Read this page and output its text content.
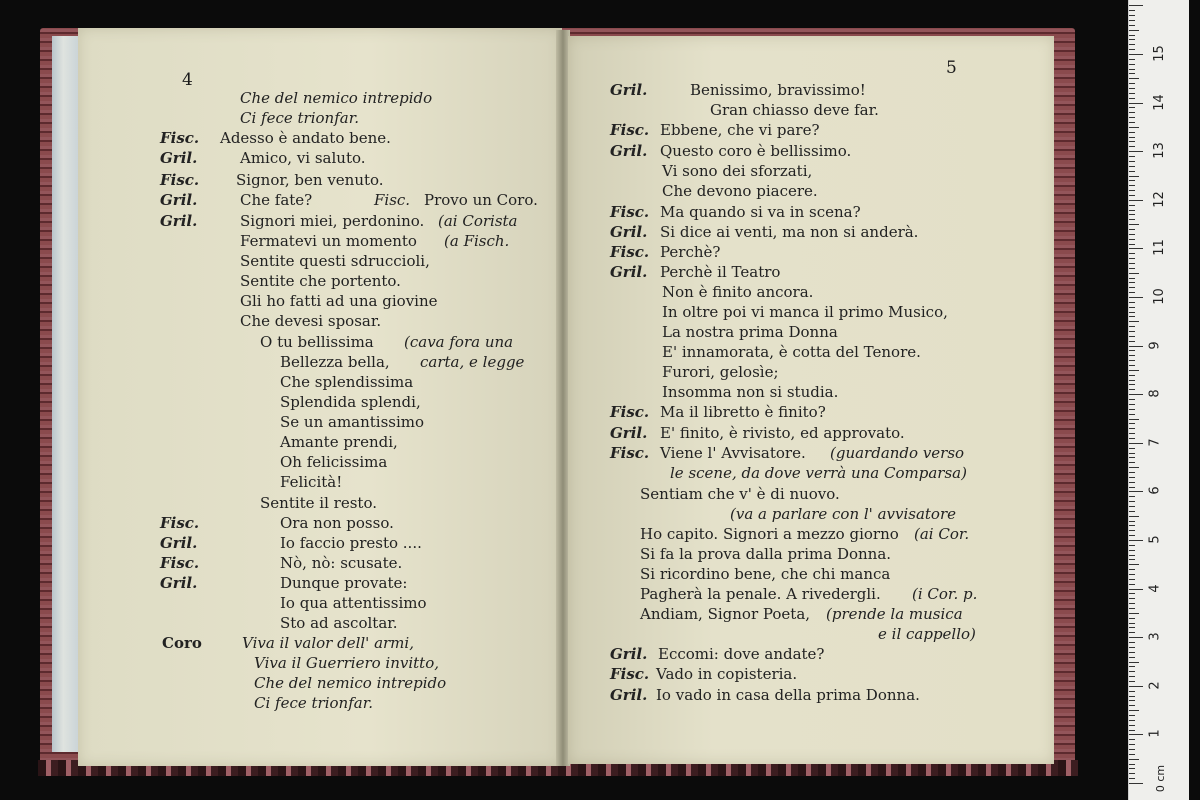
4
Che del nemico intrepido
Ci fece trionfar.
Fisc. Adesso è andato bene.
Gril.	Amico, vi saluto.
Fisc. Signor, ben venuto.
Gril.	Che fate?	Fisc. Provo un Coro.
Gril.	Signori miei, perdonino. (ai Corista
Fermatevi un momento (a Fisch.
Sentite questi sdruccioli,
Sentite che portento.
Gli ho fatti ad una giovine
Che devesi sposar.
O tu bellissima (cava fora una
Bellezza bella, carta, e legge
Che splendissima
Splendida splendi,
Se un amantissimo
Amante prendi,
Oh felicissima
Felicità!
Sentite il resto.
Fisc.	Ora non posso.
Gril.	Io faccio presto ....
Fisc.	Nò, nò: scusate.
Gril.	Dunque provate:
Io qua attentissimo
Sto ad ascoltar.
Coro	Viva il valor dell' armi,
Viva il Guerriero invitto,
Che del nemico intrepido
Ci fece trionfar.
5
Gril.	Benissimo, bravissimo!
Gran chiasso deve far.
Fisc. Ebbene, che vi pare?
Gril. Questo coro è bellissimo.
Vi sono dei sforzati,
Che devono piacere.
Fisc. Ma quando si va in scena?
Gril. Si dice ai venti, ma non si anderà.
Fisc. Perchè?
Gril. Perchè il Teatro
Non è finito ancora.
In oltre poi vi manca il primo Musico,
La nostra prima Donna
E' innamorata, è cotta del Tenore.
Furori, gelosìe;
Insomma non si studia.
Fisc. Ma il libretto è finito?
Gril. E' finito, è rivisto, ed approvato.
Fisc. Viene l' Avvisatore. (guardando verso
le scene, da dove verrà una Comparsa)
Sentiam che v' è di nuovo.
(va a parlare con l' avvisatore
Ho capito. Signori a mezzo giorno (ai Cor.
Si fa la prova dalla prima Donna.
Si ricordino bene, che chi manca
Pagherà la penale. A rivedergli. (i Cor. p.
Andiam, Signor Poeta, (prende la musica
e il cappello)
Gril. Eccomi: dove andate?
Fisc. Vado in copisteria.
Gril. Io vado in casa della prima Donna.
0 cm
1
2
3
4
5
6
7
8
9
10
11
12
13
14
15
